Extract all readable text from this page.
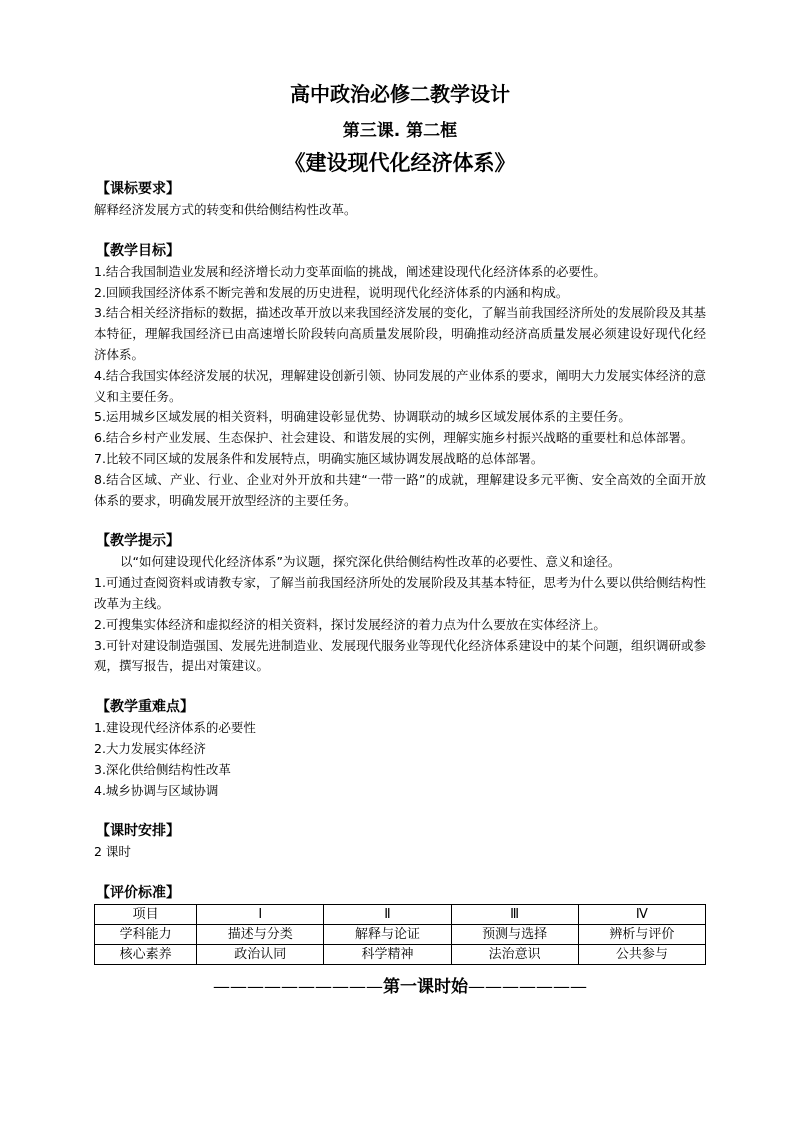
高中政治必修二教学设计
第三课. 第二框
《建设现代化经济体系》
【课标要求】
解释经济发展方式的转变和供给侧结构性改革。
【教学目标】
1.结合我国制造业发展和经济增长动力变革面临的挑战，阐述建设现代化经济体系的必要性。
2.回顾我国经济体系不断完善和发展的历史进程，说明现代化经济体系的内涵和构成。
3.结合相关经济指标的数据，描述改革开放以来我国经济发展的变化，了解当前我国经济所处的发展阶段及其基本特征，理解我国经济已由高速增长阶段转向高质量发展阶段，明确推动经济高质量发展必须建设好现代化经济体系。
4.结合我国实体经济发展的状况，理解建设创新引领、协同发展的产业体系的要求，阐明大力发展实体经济的意义和主要任务。
5.运用城乡区域发展的相关资料，明确建设彰显优势、协调联动的城乡区域发展体系的主要任务。
6.结合乡村产业发展、生态保护、社会建设、和谐发展的实例，理解实施乡村振兴战略的重要杜和总体部署。
7.比较不同区域的发展条件和发展特点，明确实施区域协调发展战略的总体部署。
8.结合区域、产业、行业、企业对外开放和共建“一带一路”的成就，理解建设多元平衡、安全高效的全面开放体系的要求，明确发展开放型经济的主要任务。
【教学提示】
以“如何建设现代化经济体系”为议题，探究深化供给侧结构性改革的必要性、意义和途径。
1.可通过查阅资料或请教专家，了解当前我国经济所处的发展阶段及其基本特征，思考为什么要以供给侧结构性改革为主线。
2.可搜集实体经济和虚拟经济的相关资料，探讨发展经济的着力点为什么要放在实体经济上。
3.可针对建设制造强国、发展先进制造业、发展现代服务业等现代化经济体系建设中的某个问题，组织调研或参观，撰写报告，提出对策建议。
【教学重难点】
1.建设现代经济体系的必要性
2.大力发展实体经济
3.深化供给侧结构性改革
4.城乡协调与区域协调
【课时安排】
2 课时
【评价标准】
项目	Ⅰ	Ⅱ	Ⅲ	Ⅳ
学科能力	描述与分类	解释与论证	预测与选择	辨析与评价
核心素养	政治认同	科学精神	法治意识	公共参与
——————————第一课时始———————
